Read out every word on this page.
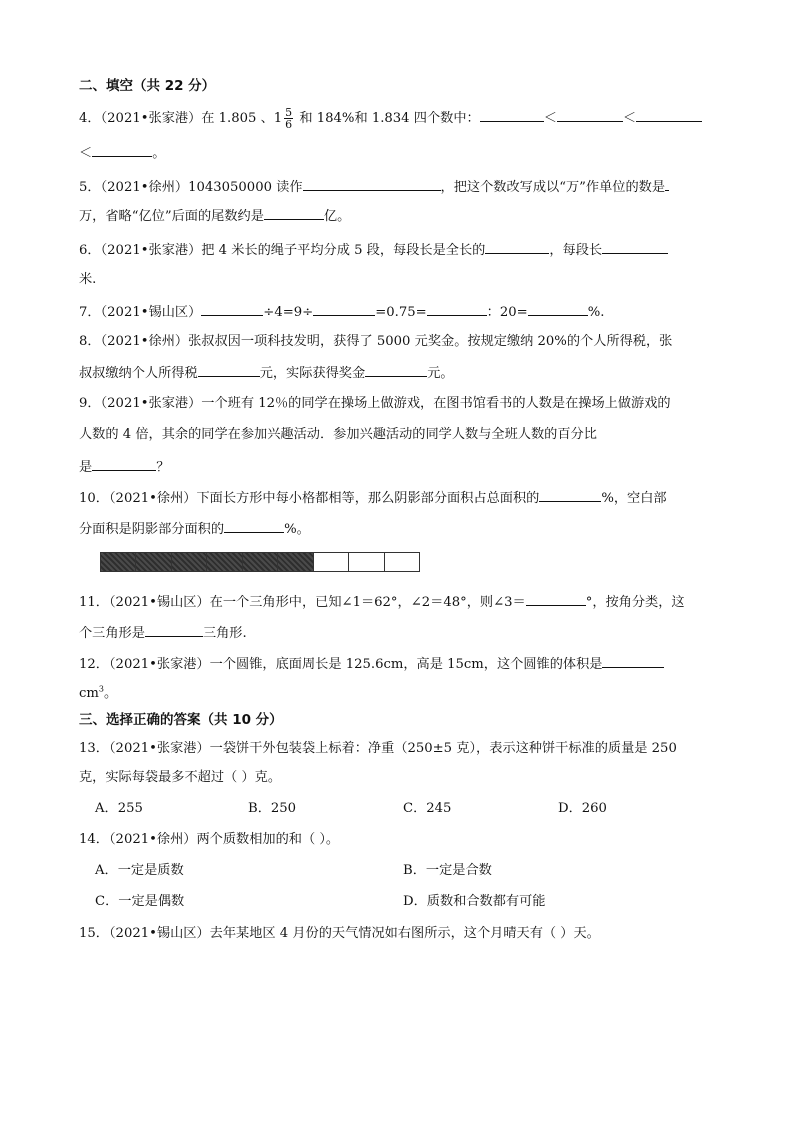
二、填空（共 22 分）
4．（2021•张家港）在 1.805 、$1 \frac{5}{6}$ 和 184%和 1.834 四个数中：	＜	＜
＜	。
5．（2021•徐州）1043050000 读作	，把这个数改写成以“万”作单位的数是
万，省略“亿位”后面的尾数约是	亿。
6．（2021•张家港）把 4 米长的绳子平均分成 5 段，每段长是全长的	，每段长
米.
7．（2021•锡山区）	÷4=9÷	=0.75=	：20=	%.
8．（2021•徐州）张叔叔因一项科技发明，获得了 5000 元奖金。按规定缴纳 20%的个人所得税，张
叔叔缴纳个人所得税	元，实际获得奖金	元。
9．（2021•张家港）一个班有 12％的同学在操场上做游戏，在图书馆看书的人数是在操场上做游戏的
人数的 4 倍，其余的同学在参加兴趣活动．参加兴趣活动的同学人数与全班人数的百分比
是	？
10．（2021•徐州）下面长方形中每小格都相等，那么阴影部分面积占总面积的	%，空白部
分面积是阴影部分面积的	%。
11．（2021•锡山区）在一个三角形中，已知∠1＝62°，∠2＝48°，则∠3＝	°，按角分类，这
个三角形是	三角形.
12．（2021•张家港）一个圆锥，底面周长是 125.6cm，高是 15cm，这个圆锥的体积是
$cm^3$。
三、选择正确的答案（共 10 分）
13．（2021•张家港）一袋饼干外包装袋上标着：净重（250±5 克），表示这种饼干标准的质量是 250
克，实际每袋最多不超过（ ）克。
A．255	B．250	C．245	D．260
14．（2021•徐州）两个质数相加的和（ ）。
A．一定是质数	B．一定是合数
C．一定是偶数	D．质数和合数都有可能
15．（2021•锡山区）去年某地区 4 月份的天气情况如右图所示，这个月晴天有（ ）天。
